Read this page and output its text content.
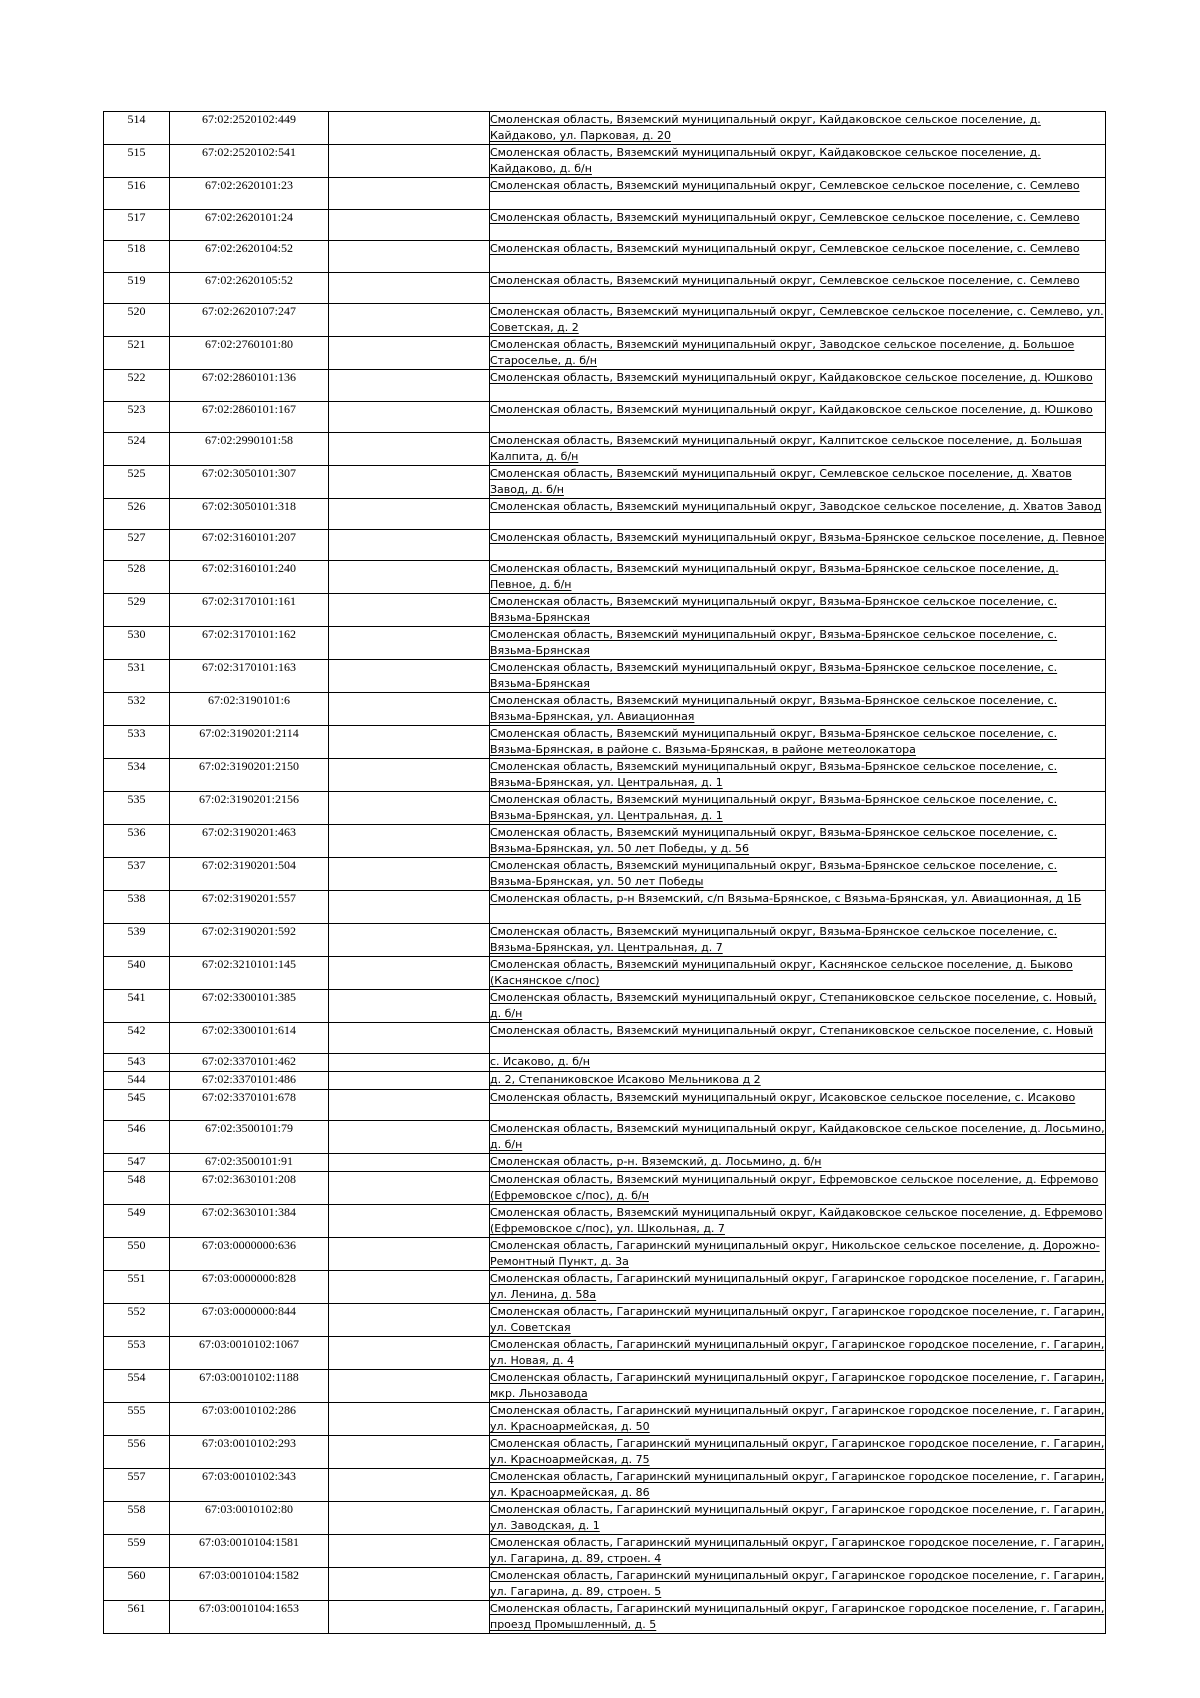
514	67:02:2520102:449		Смоленская область, Вяземский муниципальный округ, Кайдаковское сельское поселение, д. Кайдаково, ул. Парковая, д. 20
515	67:02:2520102:541		Смоленская область, Вяземский муниципальный округ, Кайдаковское сельское поселение, д. Кайдаково, д. б/н
516	67:02:2620101:23		Смоленская область, Вяземский муниципальный округ, Семлевское сельское поселение, с. Семлево
517	67:02:2620101:24		Смоленская область, Вяземский муниципальный округ, Семлевское сельское поселение, с. Семлево
518	67:02:2620104:52		Смоленская область, Вяземский муниципальный округ, Семлевское сельское поселение, с. Семлево
519	67:02:2620105:52		Смоленская область, Вяземский муниципальный округ, Семлевское сельское поселение, с. Семлево
520	67:02:2620107:247		Смоленская область, Вяземский муниципальный округ, Семлевское сельское поселение, с. Семлево, ул. Советская, д. 2
521	67:02:2760101:80		Смоленская область, Вяземский муниципальный округ, Заводское сельское поселение, д. Большое Староселье, д. б/н
522	67:02:2860101:136		Смоленская область, Вяземский муниципальный округ, Кайдаковское сельское поселение, д. Юшково
523	67:02:2860101:167		Смоленская область, Вяземский муниципальный округ, Кайдаковское сельское поселение, д. Юшково
524	67:02:2990101:58		Смоленская область, Вяземский муниципальный округ, Калпитское сельское поселение, д. Большая Калпита, д. б/н
525	67:02:3050101:307		Смоленская область, Вяземский муниципальный округ, Семлевское сельское поселение, д. Хватов Завод, д. б/н
526	67:02:3050101:318		Смоленская область, Вяземский муниципальный округ, Заводское сельское поселение, д. Хватов Завод
527	67:02:3160101:207		Смоленская область, Вяземский муниципальный округ, Вязьма-Брянское сельское поселение, д. Певное
528	67:02:3160101:240		Смоленская область, Вяземский муниципальный округ, Вязьма-Брянское сельское поселение, д. Певное, д. б/н
529	67:02:3170101:161		Смоленская область, Вяземский муниципальный округ, Вязьма-Брянское сельское поселение, с. Вязьма-Брянская
530	67:02:3170101:162		Смоленская область, Вяземский муниципальный округ, Вязьма-Брянское сельское поселение, с. Вязьма-Брянская
531	67:02:3170101:163		Смоленская область, Вяземский муниципальный округ, Вязьма-Брянское сельское поселение, с. Вязьма-Брянская
532	67:02:3190101:6		Смоленская область, Вяземский муниципальный округ, Вязьма-Брянское сельское поселение, с. Вязьма-Брянская, ул. Авиационная
533	67:02:3190201:2114		Смоленская область, Вяземский муниципальный округ, Вязьма-Брянское сельское поселение, с. Вязьма-Брянская, в районе с. Вязьма-Брянская, в районе метеолокатора
534	67:02:3190201:2150		Смоленская область, Вяземский муниципальный округ, Вязьма-Брянское сельское поселение, с. Вязьма-Брянская, ул. Центральная, д. 1
535	67:02:3190201:2156		Смоленская область, Вяземский муниципальный округ, Вязьма-Брянское сельское поселение, с. Вязьма-Брянская, ул. Центральная, д. 1
536	67:02:3190201:463		Смоленская область, Вяземский муниципальный округ, Вязьма-Брянское сельское поселение, с. Вязьма-Брянская, ул. 50 лет Победы, у д. 56
537	67:02:3190201:504		Смоленская область, Вяземский муниципальный округ, Вязьма-Брянское сельское поселение, с. Вязьма-Брянская, ул. 50 лет Победы
538	67:02:3190201:557		Смоленская область, р-н Вяземский, с/п Вязьма-Брянское, с Вязьма-Брянская, ул. Авиационная, д 1Б
539	67:02:3190201:592		Смоленская область, Вяземский муниципальный округ, Вязьма-Брянское сельское поселение, с. Вязьма-Брянская, ул. Центральная, д. 7
540	67:02:3210101:145		Смоленская область, Вяземский муниципальный округ, Каснянское сельское поселение, д. Быково (Каснянское с/пос)
541	67:02:3300101:385		Смоленская область, Вяземский муниципальный округ, Степаниковское сельское поселение, с. Новый, д. б/н
542	67:02:3300101:614		Смоленская область, Вяземский муниципальный округ, Степаниковское сельское поселение, с. Новый
543	67:02:3370101:462		с. Исаково, д. б/н
544	67:02:3370101:486		д. 2, Степаниковское Исаково Мельникова д 2
545	67:02:3370101:678		Смоленская область, Вяземский муниципальный округ, Исаковское сельское поселение, с. Исаково
546	67:02:3500101:79		Смоленская область, Вяземский муниципальный округ, Кайдаковское сельское поселение, д. Лосьмино, д. б/н
547	67:02:3500101:91		Смоленская область, р-н. Вяземский, д. Лосьмино, д. б/н
548	67:02:3630101:208		Смоленская область, Вяземский муниципальный округ, Ефремовское сельское поселение, д. Ефремово (Ефремовское с/пос), д. б/н
549	67:02:3630101:384		Смоленская область, Вяземский муниципальный округ, Кайдаковское сельское поселение, д. Ефремово (Ефремовское с/пос), ул. Школьная, д. 7
550	67:03:0000000:636		Смоленская область, Гагаринский муниципальный округ, Никольское сельское поселение, д. Дорожно-Ремонтный Пункт, д. 3а
551	67:03:0000000:828		Смоленская область, Гагаринский муниципальный округ, Гагаринское городское поселение, г. Гагарин, ул. Ленина, д. 58а
552	67:03:0000000:844		Смоленская область, Гагаринский муниципальный округ, Гагаринское городское поселение, г. Гагарин, ул. Советская
553	67:03:0010102:1067		Смоленская область, Гагаринский муниципальный округ, Гагаринское городское поселение, г. Гагарин, ул. Новая, д. 4
554	67:03:0010102:1188		Смоленская область, Гагаринский муниципальный округ, Гагаринское городское поселение, г. Гагарин, мкр. Льнозавода
555	67:03:0010102:286		Смоленская область, Гагаринский муниципальный округ, Гагаринское городское поселение, г. Гагарин, ул. Красноармейская, д. 50
556	67:03:0010102:293		Смоленская область, Гагаринский муниципальный округ, Гагаринское городское поселение, г. Гагарин, ул. Красноармейская, д. 75
557	67:03:0010102:343		Смоленская область, Гагаринский муниципальный округ, Гагаринское городское поселение, г. Гагарин, ул. Красноармейская, д. 86
558	67:03:0010102:80		Смоленская область, Гагаринский муниципальный округ, Гагаринское городское поселение, г. Гагарин, ул. Заводская, д. 1
559	67:03:0010104:1581		Смоленская область, Гагаринский муниципальный округ, Гагаринское городское поселение, г. Гагарин, ул. Гагарина, д. 89, строен. 4
560	67:03:0010104:1582		Смоленская область, Гагаринский муниципальный округ, Гагаринское городское поселение, г. Гагарин, ул. Гагарина, д. 89, строен. 5
561	67:03:0010104:1653		Смоленская область, Гагаринский муниципальный округ, Гагаринское городское поселение, г. Гагарин, проезд Промышленный, д. 5
